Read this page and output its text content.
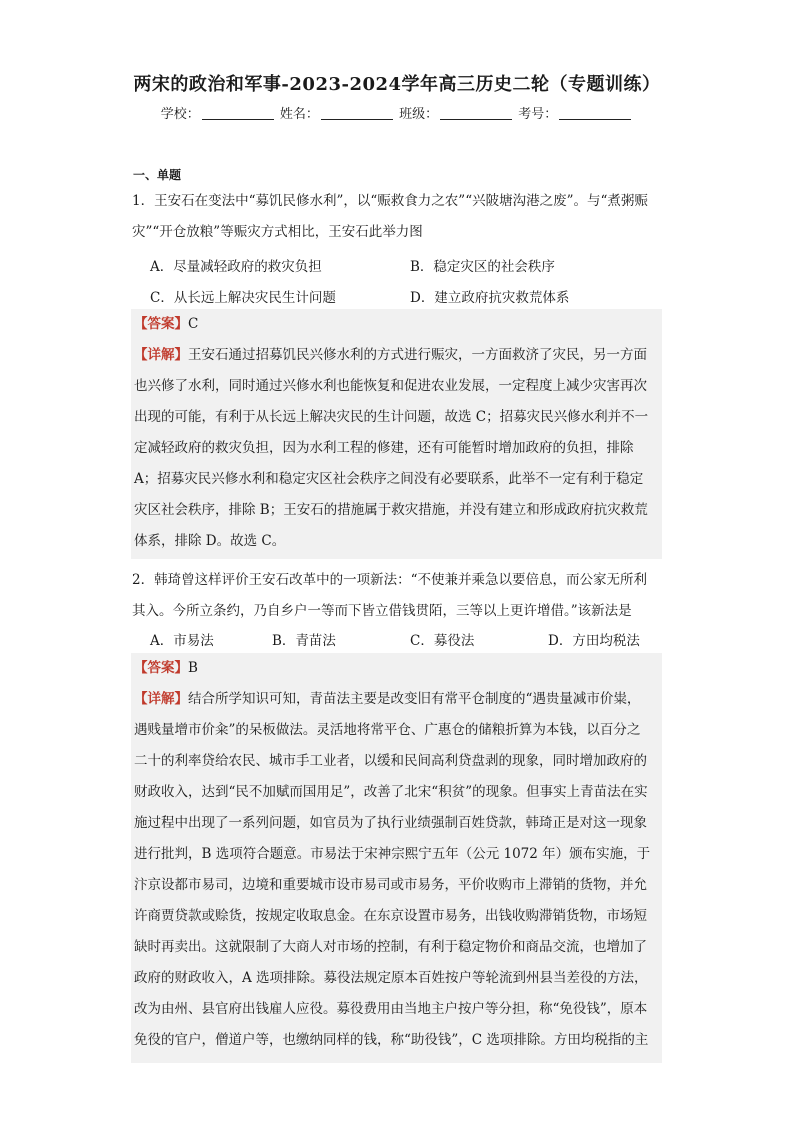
两宋的政治和军事-2023-2024学年高三历史二轮（专题训练）
学校：	姓名：	班级：	考号：
一、单题
1．王安石在变法中“募饥民修水利”，以“赈救食力之农”“兴陂塘沟港之废”。与“煮粥赈
灾”“开仓放粮”等赈灾方式相比，王安石此举力图
A．尽量减轻政府的救灾负担	B．稳定灾区的社会秩序
C．从长远上解决灾民生计问题	D．建立政府抗灾救荒体系
【答案】C
【详解】王安石通过招募饥民兴修水利的方式进行赈灾，一方面救济了灾民，另一方面
也兴修了水利，同时通过兴修水利也能恢复和促进农业发展，一定程度上减少灾害再次
出现的可能，有利于从长远上解决灾民的生计问题，故选 C；招募灾民兴修水利并不一
定减轻政府的救灾负担，因为水利工程的修建，还有可能暂时增加政府的负担，排除
A；招募灾民兴修水利和稳定灾区社会秩序之间没有必要联系，此举不一定有利于稳定
灾区社会秩序，排除 B；王安石的措施属于救灾措施，并没有建立和形成政府抗灾救荒
体系，排除 D。故选 C。
2．韩琦曾这样评价王安石改革中的一项新法：“不使兼并乘急以要倍息，而公家无所利
其入。今所立条约，乃自乡户一等而下皆立借钱贯陌，三等以上更许增借。”该新法是
A．市易法	B．青苗法	C．募役法	D．方田均税法
【答案】B
【详解】结合所学知识可知，青苗法主要是改变旧有常平仓制度的“遇贵量减市价粜，
遇贱量增市价籴”的呆板做法。灵活地将常平仓、广惠仓的储粮折算为本钱，以百分之
二十的利率贷给农民、城市手工业者，以缓和民间高利贷盘剥的现象，同时增加政府的
财政收入，达到“民不加赋而国用足”，改善了北宋“积贫”的现象。但事实上青苗法在实
施过程中出现了一系列问题，如官员为了执行业绩强制百姓贷款，韩琦正是对这一现象
进行批判，B 选项符合题意。市易法于宋神宗熙宁五年（公元 1072 年）颁布实施，于
汴京设都市易司，边境和重要城市设市易司或市易务，平价收购市上滞销的货物，并允
许商贾贷款或赊货，按规定收取息金。在东京设置市易务，出钱收购滞销货物，市场短
缺时再卖出。这就限制了大商人对市场的控制，有利于稳定物价和商品交流，也增加了
政府的财政收入，A 选项排除。募役法规定原本百姓按户等轮流到州县当差役的方法，
改为由州、县官府出钱雇人应役。募役费用由当地主户按户等分担，称“免役钱”，原本
免役的官户，僧道户等，也缴纳同样的钱，称“助役钱”，C 选项排除。方田均税指的主
